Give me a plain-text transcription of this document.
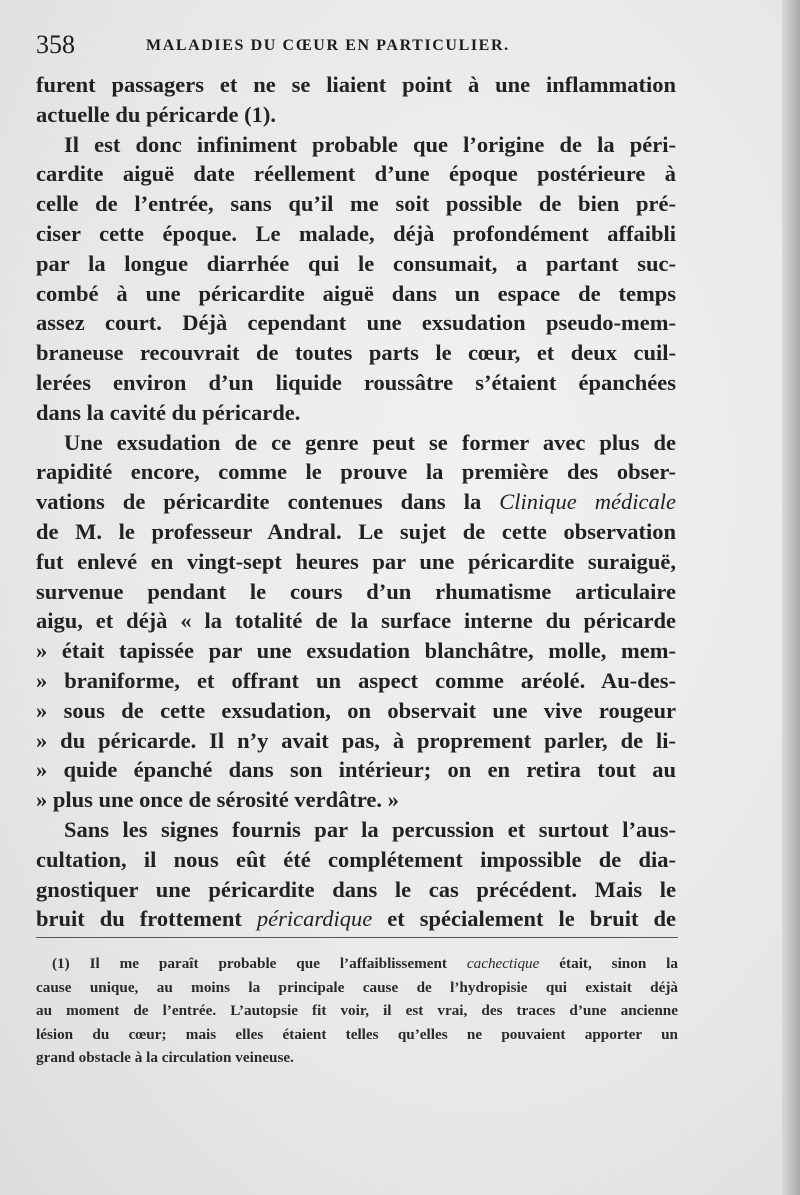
358	MALADIES DU CŒUR EN PARTICULIER.
furent passagers et ne se liaient point à une inflammation
actuelle du péricarde (1).
Il est donc infiniment probable que l’origine de la péri-
cardite aiguë date réellement d’une époque postérieure à
celle de l’entrée, sans qu’il me soit possible de bien pré-
ciser cette époque. Le malade, déjà profondément affaibli
par la longue diarrhée qui le consumait, a partant suc-
combé à une péricardite aiguë dans un espace de temps
assez court. Déjà cependant une exsudation pseudo-mem-
braneuse recouvrait de toutes parts le cœur, et deux cuil-
lerées environ d’un liquide roussâtre s’étaient épanchées
dans la cavité du péricarde.
Une exsudation de ce genre peut se former avec plus de
rapidité encore, comme le prouve la première des obser-
vations de péricardite contenues dans la Clinique médicale
de M. le professeur Andral. Le sujet de cette observation
fut enlevé en vingt-sept heures par une péricardite suraiguë,
survenue pendant le cours d’un rhumatisme articulaire
aigu, et déjà « la totalité de la surface interne du péricarde
» était tapissée par une exsudation blanchâtre, molle, mem-
» braniforme, et offrant un aspect comme aréolé. Au-des-
» sous de cette exsudation, on observait une vive rougeur
» du péricarde. Il n’y avait pas, à proprement parler, de li-
» quide épanché dans son intérieur; on en retira tout au
» plus une once de sérosité verdâtre. »
Sans les signes fournis par la percussion et surtout l’aus-
cultation, il nous eût été complétement impossible de dia-
gnostiquer une péricardite dans le cas précédent. Mais le
bruit du frottement péricardique et spécialement le bruit de
(1) Il me paraît probable que l’affaiblissement cachectique était, sinon la
cause unique, au moins la principale cause de l’hydropisie qui existait déjà
au moment de l’entrée. L’autopsie fit voir, il est vrai, des traces d’une ancienne
lésion du cœur; mais elles étaient telles qu’elles ne pouvaient apporter un
grand obstacle à la circulation veineuse.
